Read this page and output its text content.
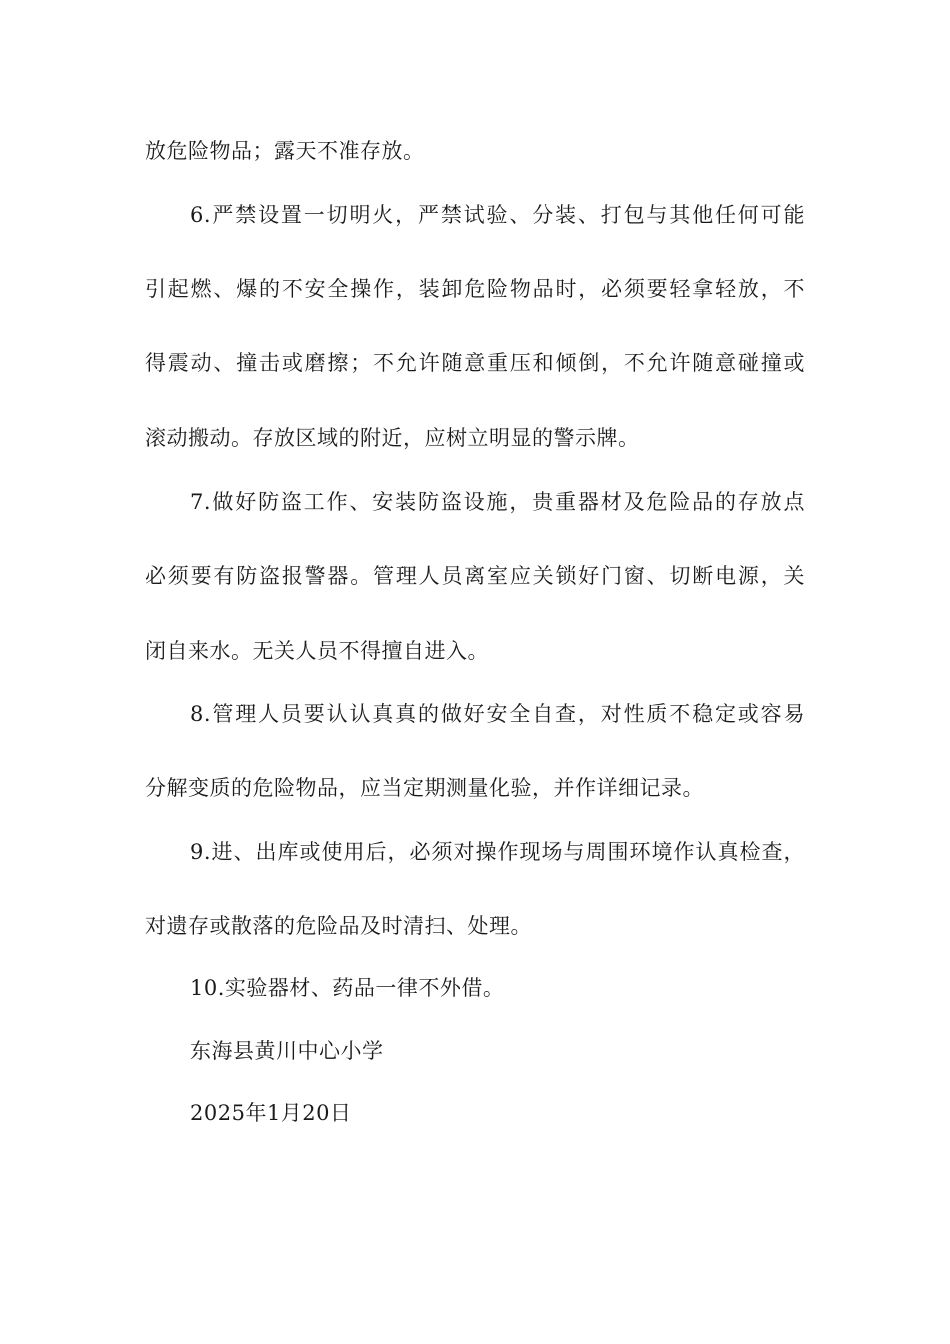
放危险物品；露天不准存放。
6.严禁设置一切明火，严禁试验、分装、打包与其他任何可能
引起燃、爆的不安全操作，装卸危险物品时，必须要轻拿轻放，不
得震动、撞击或磨擦；不允许随意重压和倾倒，不允许随意碰撞或
滚动搬动。存放区域的附近，应树立明显的警示牌。
7.做好防盗工作、安装防盗设施，贵重器材及危险品的存放点
必须要有防盗报警器。管理人员离室应关锁好门窗、切断电源，关
闭自来水。无关人员不得擅自进入。
8.管理人员要认认真真的做好安全自查，对性质不稳定或容易
分解变质的危险物品，应当定期测量化验，并作详细记录。
9.进、出库或使用后，必须对操作现场与周围环境作认真检查，
对遗存或散落的危险品及时清扫、处理。
10.实验器材、药品一律不外借。
东海县黄川中心小学
2025年1月20日
